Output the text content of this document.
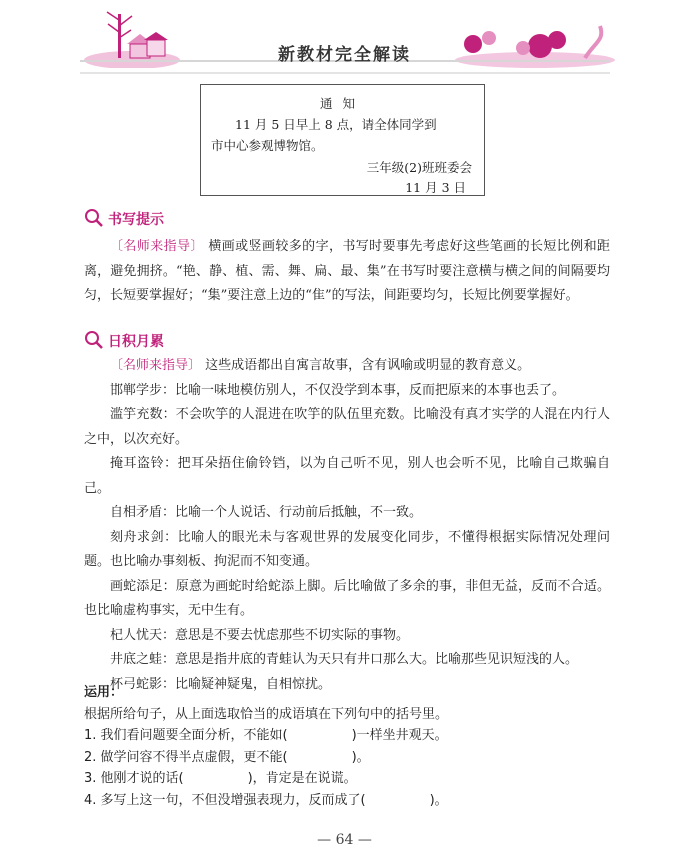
新教材完全解读
通知
11 月 5 日早上 8 点，请全体同学到
市中心参观博物馆。
三年级(2)班班委会
11 月 3 日
书写提示

〔名师来指导〕 横画或竖画较多的字，书写时要事先考虑好这些笔画的长短比例和距离，避免拥挤。“艳、静、植、需、舞、扁、最、集”在书写时要注意横与横之间的间隔要均匀，长短要掌握好；“集”要注意上边的“隹”的写法，间距要均匀，长短比例要掌握好。

日积月累

〔名师来指导〕 这些成语都出自寓言故事，含有讽喻或明显的教育意义。

邯郸学步：比喻一味地模仿别人，不仅没学到本事，反而把原来的本事也丢了。

滥竽充数：不会吹竽的人混进在吹竽的队伍里充数。比喻没有真才实学的人混在内行人之中，以次充好。

掩耳盗铃：把耳朵捂住偷铃铛，以为自己听不见，别人也会听不见，比喻自己欺骗自己。

自相矛盾：比喻一个人说话、行动前后抵触，不一致。

刻舟求剑：比喻人的眼光未与客观世界的发展变化同步，不懂得根据实际情况处理问题。也比喻办事刻板、拘泥而不知变通。

画蛇添足：原意为画蛇时给蛇添上脚。后比喻做了多余的事，非但无益，反而不合适。也比喻虚构事实，无中生有。

杞人忧天：意思是不要去忧虑那些不切实际的事物。

井底之蛙：意思是指井底的青蛙认为天只有井口那么大。比喻那些见识短浅的人。

杯弓蛇影：比喻疑神疑鬼，自相惊扰。

运用：

根据所给句子，从上面选取恰当的成语填在下列句中的括号里。

1. 我们看问题要全面分析，不能如(	)一样坐井观天。

2. 做学问容不得半点虚假，更不能(	)。

3. 他刚才说的话(	)，肯定是在说谎。

4. 多写上这一句，不但没增强表现力，反而成了(	)。

— 64 —
